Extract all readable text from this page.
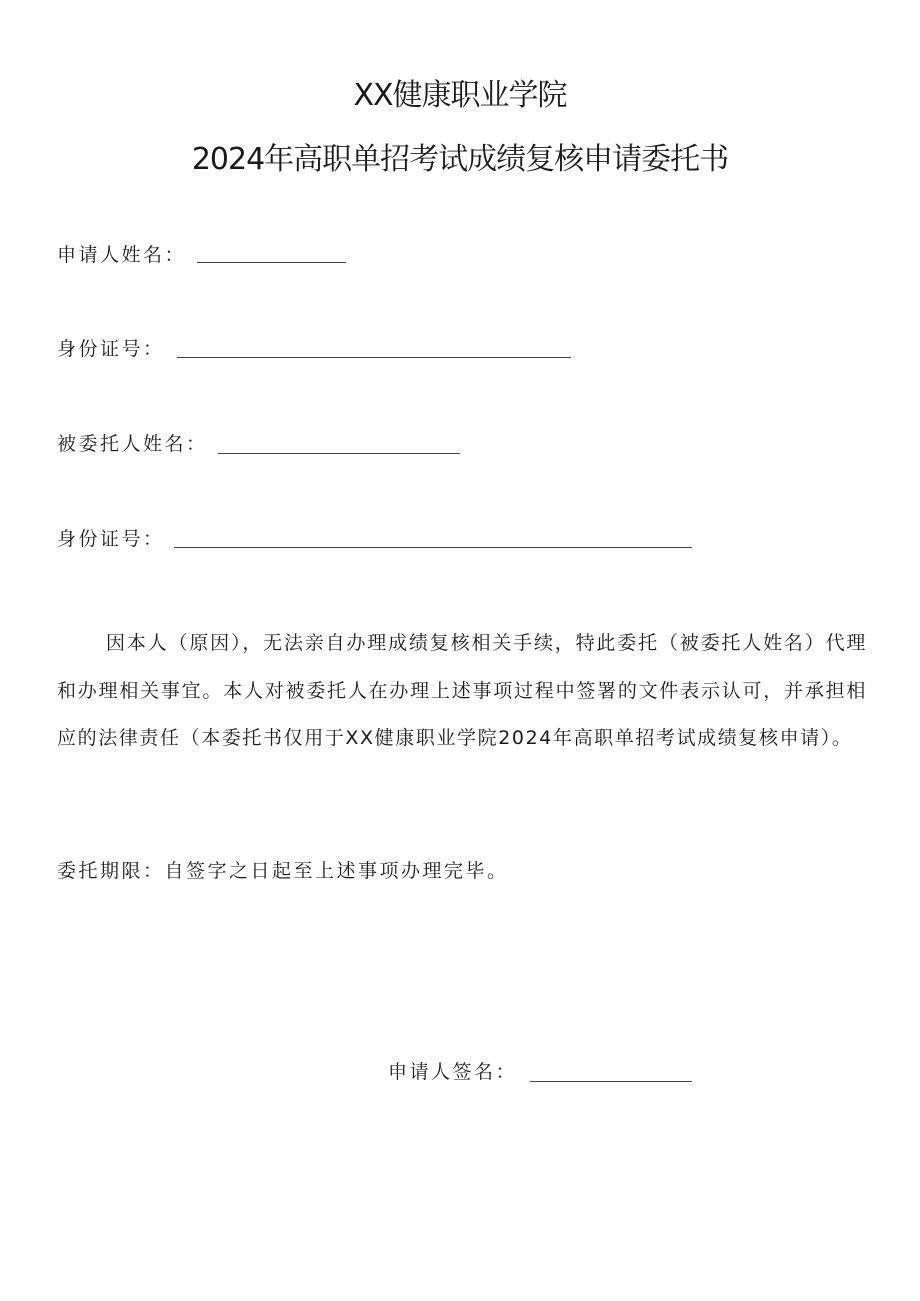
XX健康职业学院
2024年高职单招考试成绩复核申请委托书
申请人姓名：
身份证号：
被委托人姓名：
身份证号：

因本人（原因），无法亲自办理成绩复核相关手续，特此委托（被委托人姓名）代理和办理相关事宜。本人对被委托人在办理上述事项过程中签署的文件表示认可，并承担相应的法律责任（本委托书仅用于XX健康职业学院2024年高职单招考试成绩复核申请）。

委托期限：自签字之日起至上述事项办理完毕。

申请人签名：
